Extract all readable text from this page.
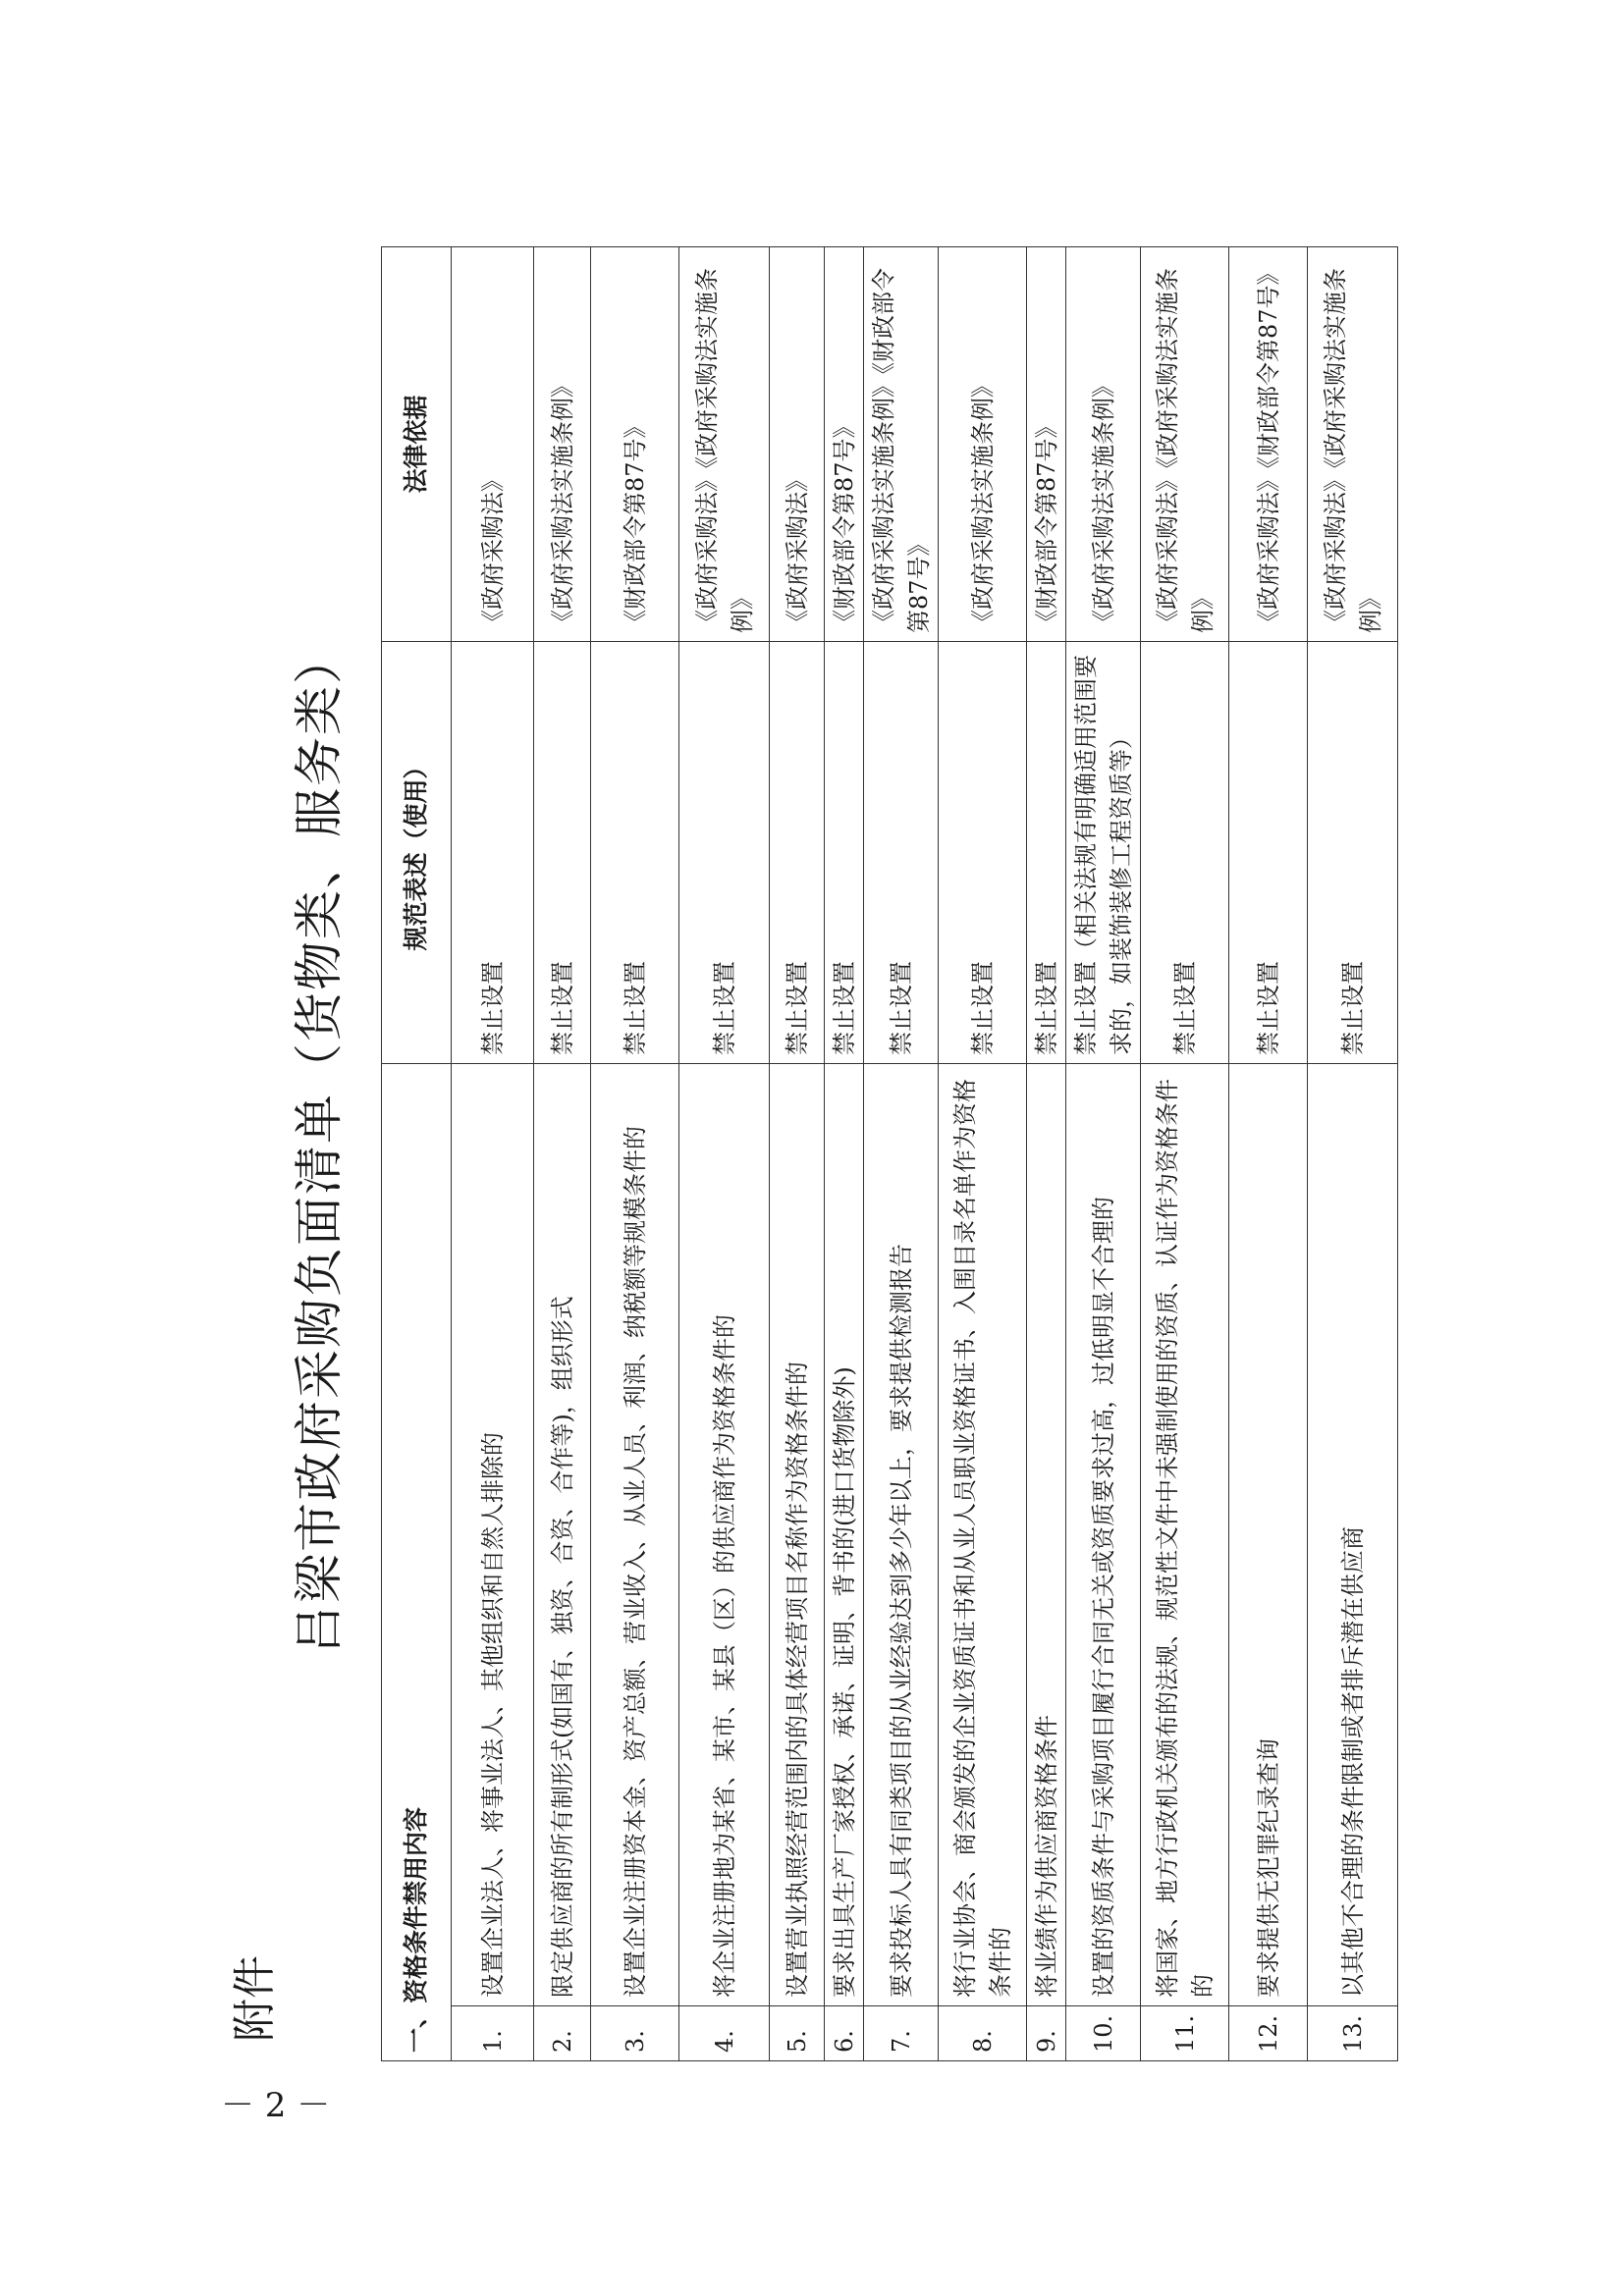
－ 2 －
附件
吕梁市政府采购负面清单（货物类、服务类）
一、资格条件禁用内容		规范表述（使用）	法律依据
1.	设置企业法人、将事业法人、其他组织和自然人排除的	禁止设置	《政府采购法》
2.	限定供应商的所有制形式(如国有、独资、合资、合作等)，组织形式	禁止设置	《政府采购法实施条例》
3.	设置企业注册资本金、资产总额、营业收入、从业人员、利润、纳税额等规模条件的	禁止设置	《财政部令第87号》
4.	将企业注册地为某省、某市、某县（区）的供应商作为资格条件的	禁止设置	《政府采购法》《政府采购法实施条例》
5.	设置营业执照经营范围内的具体经营项目名称作为资格条件的	禁止设置	《政府采购法》
6.	要求出具生产厂家授权、承诺、证明、背书的(进口货物除外)	禁止设置	《财政部令第87号》
7.	要求投标人具有同类项目的从业经验达到多少年以上，要求提供检测报告	禁止设置	《政府采购法实施条例》《财政部令第87号》
8.	将行业协会、商会颁发的企业资质证书和从业人员职业资格证书、入围目录名单作为资格条件的	禁止设置	《政府采购法实施条例》
9.	将业绩作为供应商资格条件	禁止设置	《财政部令第87号》
10.	设置的资质条件与采购项目履行合同无关或资质要求过高，过低明显不合理的	禁止设置（相关法规有明确适用范围要求的，如装饰装修工程资质等）	《政府采购法实施条例》
11.	将国家、地方行政机关颁布的法规、规范性文件中未强制使用的资质、认证作为资格条件的	禁止设置	《政府采购法》《政府采购法实施条例》
12.	要求提供无犯罪纪录查询	禁止设置	《政府采购法》《财政部令第87号》
13.	以其他不合理的条件限制或者排斥潜在供应商	禁止设置	《政府采购法》《政府采购法实施条例》
